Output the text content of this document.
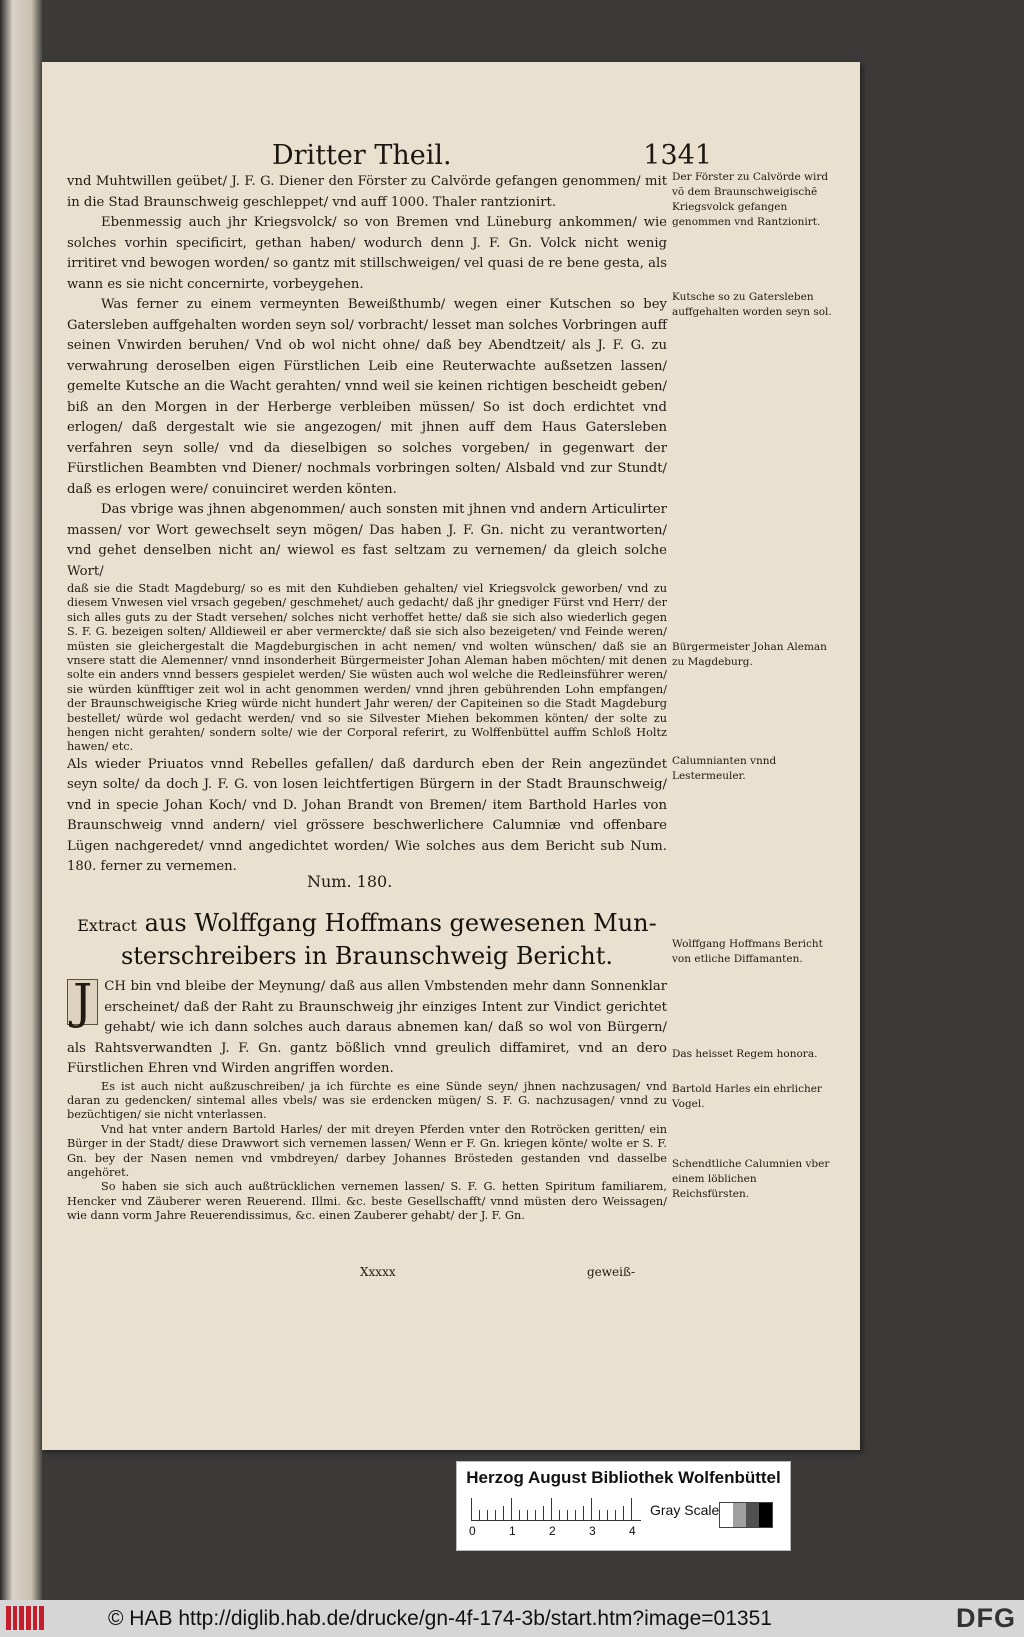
Dritter Theil.	1341

vnd Muhtwillen geübet/ J. F. G. Diener den Förster zu Calvörde gefangen genommen/ mit in die Stad Braunschweig geschleppet/ vnd auff 1000. Thaler rantzionirt.

Ebenmessig auch jhr Kriegsvolck/ so von Bremen vnd Lüneburg ankommen/ wie solches vorhin specificirt, gethan haben/ wodurch denn J. F. Gn. Volck nicht wenig irritiret vnd bewogen worden/ so gantz mit stillschweigen/ vel quasi de re bene gesta, als wann es sie nicht concernirte, vorbeygehen.

Was ferner zu einem vermeynten Beweißthumb/ wegen einer Kutschen so bey Gatersleben auffgehalten worden seyn sol/ vorbracht/ lesset man solches Vorbringen auff seinen Vnwirden beruhen/ Vnd ob wol nicht ohne/ daß bey Abendtzeit/ als J. F. G. zu verwahrung deroselben eigen Fürstlichen Leib eine Reuterwachte außsetzen lassen/ gemelte Kutsche an die Wacht gerahten/ vnnd weil sie keinen richtigen bescheidt geben/ biß an den Morgen in der Herberge verbleiben müssen/ So ist doch erdichtet vnd erlogen/ daß dergestalt wie sie angezogen/ mit jhnen auff dem Haus Gatersleben verfahren seyn solle/ vnd da dieselbigen so solches vorgeben/ in gegenwart der Fürstlichen Beambten vnd Diener/ nochmals vorbringen solten/ Alsbald vnd zur Stundt/ daß es erlogen were/ conuinciret werden könten.

Das vbrige was jhnen abgenommen/ auch sonsten mit jhnen vnd andern Articulirter massen/ vor Wort gewechselt seyn mögen/ Das haben J. F. Gn. nicht zu verantworten/ vnd gehet denselben nicht an/ wiewol es fast seltzam zu vernemen/ da gleich solche Wort/

daß sie die Stadt Magdeburg/ so es mit den Kuhdieben gehalten/ viel Kriegsvolck geworben/ vnd zu diesem Vnwesen viel vrsach gegeben/ geschmehet/ auch gedacht/ daß jhr gnediger Fürst vnd Herr/ der sich alles guts zu der Stadt versehen/ solches nicht verhoffet hette/ daß sie sich also wiederlich gegen S. F. G. bezeigen solten/ Alldieweil er aber vermerckte/ daß sie sich also bezeigeten/ vnd Feinde weren/ müsten sie gleichergestalt die Magdeburgischen in acht nemen/ vnd wolten wünschen/ daß sie an vnsere statt die Alemenner/ vnnd insonderheit Bürgermeister Johan Aleman haben möchten/ mit denen solte ein anders vnnd bessers gespielet werden/ Sie wüsten auch wol welche die Redleinsführer weren/ sie würden künfftiger zeit wol in acht genommen werden/ vnnd jhren gebührenden Lohn empfangen/ der Braunschweigische Krieg würde nicht hundert Jahr weren/ der Capiteinen so die Stadt Magdeburg bestellet/ würde wol gedacht werden/ vnd so sie Silvester Miehen bekommen könten/ der solte zu hengen nicht gerahten/ sondern solte/ wie der Corporal referirt, zu Wolffenbüttel auffm Schloß Holtz hawen/ etc.

Als wieder Priuatos vnnd Rebelles gefallen/ daß dardurch eben der Rein angezündet seyn solte/ da doch J. F. G. von losen leichtfertigen Bürgern in der Stadt Braunschweig/ vnd in specie Johan Koch/ vnd D. Johan Brandt von Bremen/ item Barthold Harles von Braunschweig vnnd andern/ viel grössere beschwerlichere Calumniæ vnd offenbare Lügen nachgeredet/ vnnd angedichtet worden/ Wie solches aus dem Bericht sub Num. 180. ferner zu vernemen.

Der Förster zu Calvörde wird võ dem Braunschweigischẽ Kriegsvolck gefangen genommen vnd Rantzionirt.
Kutsche so zu Gatersleben auffgehalten worden seyn sol.
Bürgermeister Johan Aleman zu Magdeburg.
Calumnianten vnnd Lestermeuler.
Num. 180.
Extract aus Wolffgang Hoffmans gewesenen Mun-
sterschreibers in Braunschweig Bericht.

J CH bin vnd bleibe der Meynung/ daß aus allen Vmbstenden mehr dann Sonnenklar erscheinet/ daß der Raht zu Braunschweig jhr einziges Intent zur Vindict gerichtet gehabt/ wie ich dann solches auch daraus abnemen kan/ daß so wol von Bürgern/ als Rahtsverwandten J. F. Gn. gantz bößlich vnnd greulich diffamiret, vnd an dero Fürstlichen Ehren vnd Wirden angriffen worden.

Es ist auch nicht außzuschreiben/ ja ich fürchte es eine Sünde seyn/ jhnen nachzusagen/ vnd daran zu gedencken/ sintemal alles vbels/ was sie erdencken mügen/ S. F. G. nachzusagen/ vnnd zu bezüchtigen/ sie nicht vnterlassen.

Vnd hat vnter andern Bartold Harles/ der mit dreyen Pferden vnter den Rotröcken geritten/ ein Bürger in der Stadt/ diese Drawwort sich vernemen lassen/ Wenn er F. Gn. kriegen könte/ wolte er S. F. Gn. bey der Nasen nemen vnd vmbdreyen/ darbey Johannes Brösteden gestanden vnd dasselbe angehöret.

So haben sie sich auch außtrücklichen vernemen lassen/ S. F. G. hetten Spiritum familiarem, Hencker vnd Zäuberer weren Reuerend. Illmi. &c. beste Gesellschafft/ vnnd müsten dero Weissagen/ wie dann vorm Jahre Reuerendissimus, &c. einen Zauberer gehabt/ der J. F. Gn.

Wolffgang Hoffmans Bericht von etliche Diffamanten.
Das heisset Regem honora.
Bartold Harles ein ehrlicher Vogel.
Schendtliche Calumnien vber einem löblichen Reichsfürsten.
Xxxxx	geweiß-
Herzog August Bibliothek Wolfenbüttel
0	1	2	3	4
Gray Scale
© HAB http://diglib.hab.de/drucke/gn-4f-174-3b/start.htm?image=01351	DFG
